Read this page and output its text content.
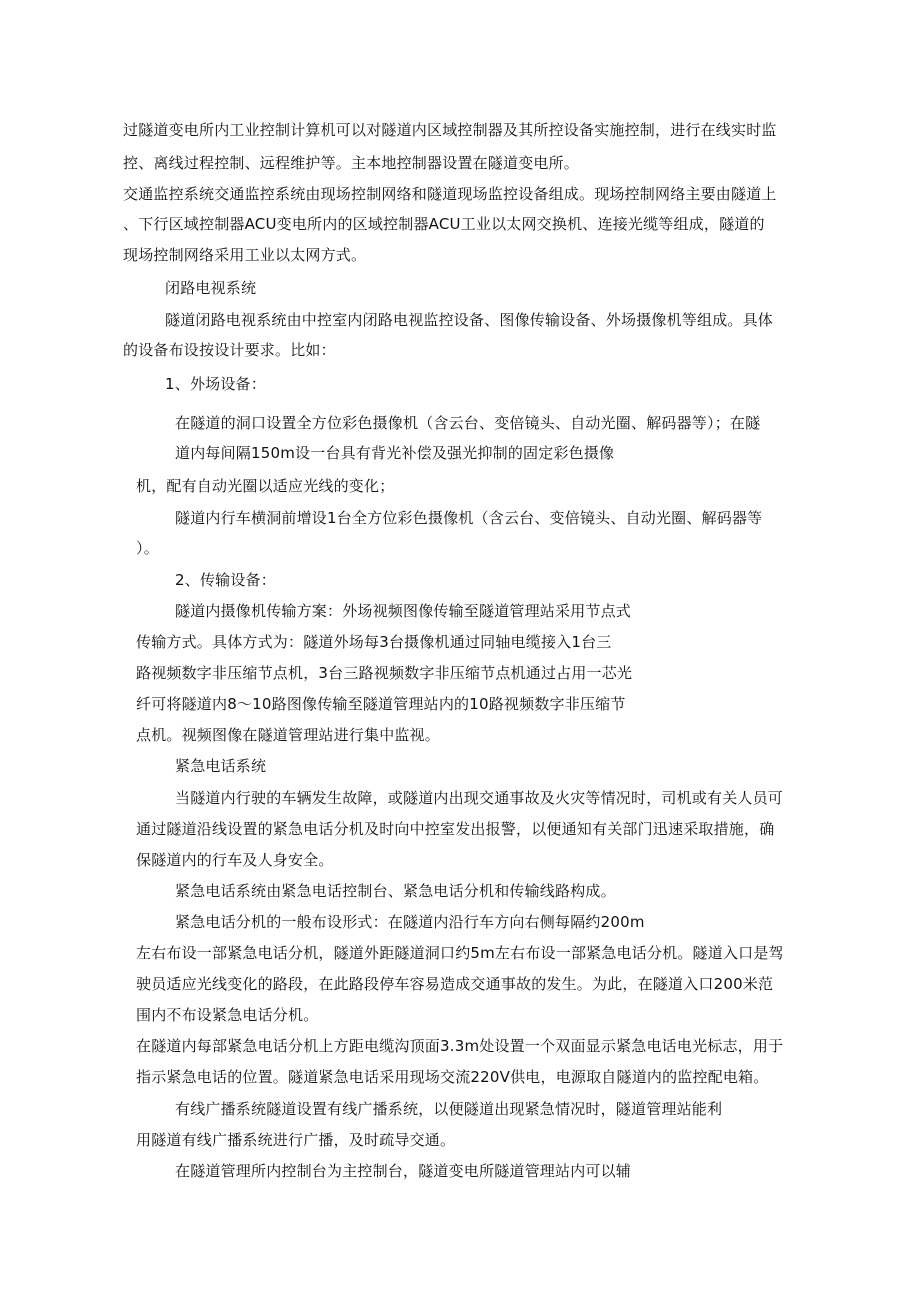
过隧道变电所内工业控制计算机可以对隧道内区域控制器及其所控设备实施控制，进行在线实时监
控、离线过程控制、远程维护等。主本地控制器设置在隧道变电所。
交通监控系统交通监控系统由现场控制网络和隧道现场监控设备组成。现场控制网络主要由隧道上
、下行区域控制器ACU变电所内的区域控制器ACU工业以太网交换机、连接光缆等组成，隧道的
现场控制网络采用工业以太网方式。
闭路电视系统
隧道闭路电视系统由中控室内闭路电视监控设备、图像传输设备、外场摄像机等组成。具体
的设备布设按设计要求。比如：
1、外场设备：
在隧道的洞口设置全方位彩色摄像机（含云台、变倍镜头、自动光圈、解码器等）；在隧
道内每间隔150m设一台具有背光补偿及强光抑制的固定彩色摄像
机，配有自动光圈以适应光线的变化；
隧道内行车横洞前增设1台全方位彩色摄像机（含云台、变倍镜头、自动光圈、解码器等
）。
2、传输设备：
隧道内摄像机传输方案：外场视频图像传输至隧道管理站采用节点式
传输方式。具体方式为：隧道外场每3台摄像机通过同轴电缆接入1台三
路视频数字非压缩节点机，3台三路视频数字非压缩节点机通过占用一芯光
纤可将隧道内8～10路图像传输至隧道管理站内的10路视频数字非压缩节
点机。视频图像在隧道管理站进行集中监视。
紧急电话系统
当隧道内行驶的车辆发生故障，或隧道内出现交通事故及火灾等情况时，司机或有关人员可
通过隧道沿线设置的紧急电话分机及时向中控室发出报警，以便通知有关部门迅速采取措施，确
保隧道内的行车及人身安全。
紧急电话系统由紧急电话控制台、紧急电话分机和传输线路构成。
紧急电话分机的一般布设形式：在隧道内沿行车方向右侧每隔约200m
左右布设一部紧急电话分机，隧道外距隧道洞口约5m左右布设一部紧急电话分机。隧道入口是驾
驶员适应光线变化的路段，在此路段停车容易造成交通事故的发生。为此，在隧道入口200米范
围内不布设紧急电话分机。
在隧道内每部紧急电话分机上方距电缆沟顶面3.3m处设置一个双面显示紧急电话电光标志，用于
指示紧急电话的位置。隧道紧急电话采用现场交流220V供电，电源取自隧道内的监控配电箱。
有线广播系统隧道设置有线广播系统，以便隧道出现紧急情况时，隧道管理站能利
用隧道有线广播系统进行广播，及时疏导交通。
在隧道管理所内控制台为主控制台，隧道变电所隧道管理站内可以辅
